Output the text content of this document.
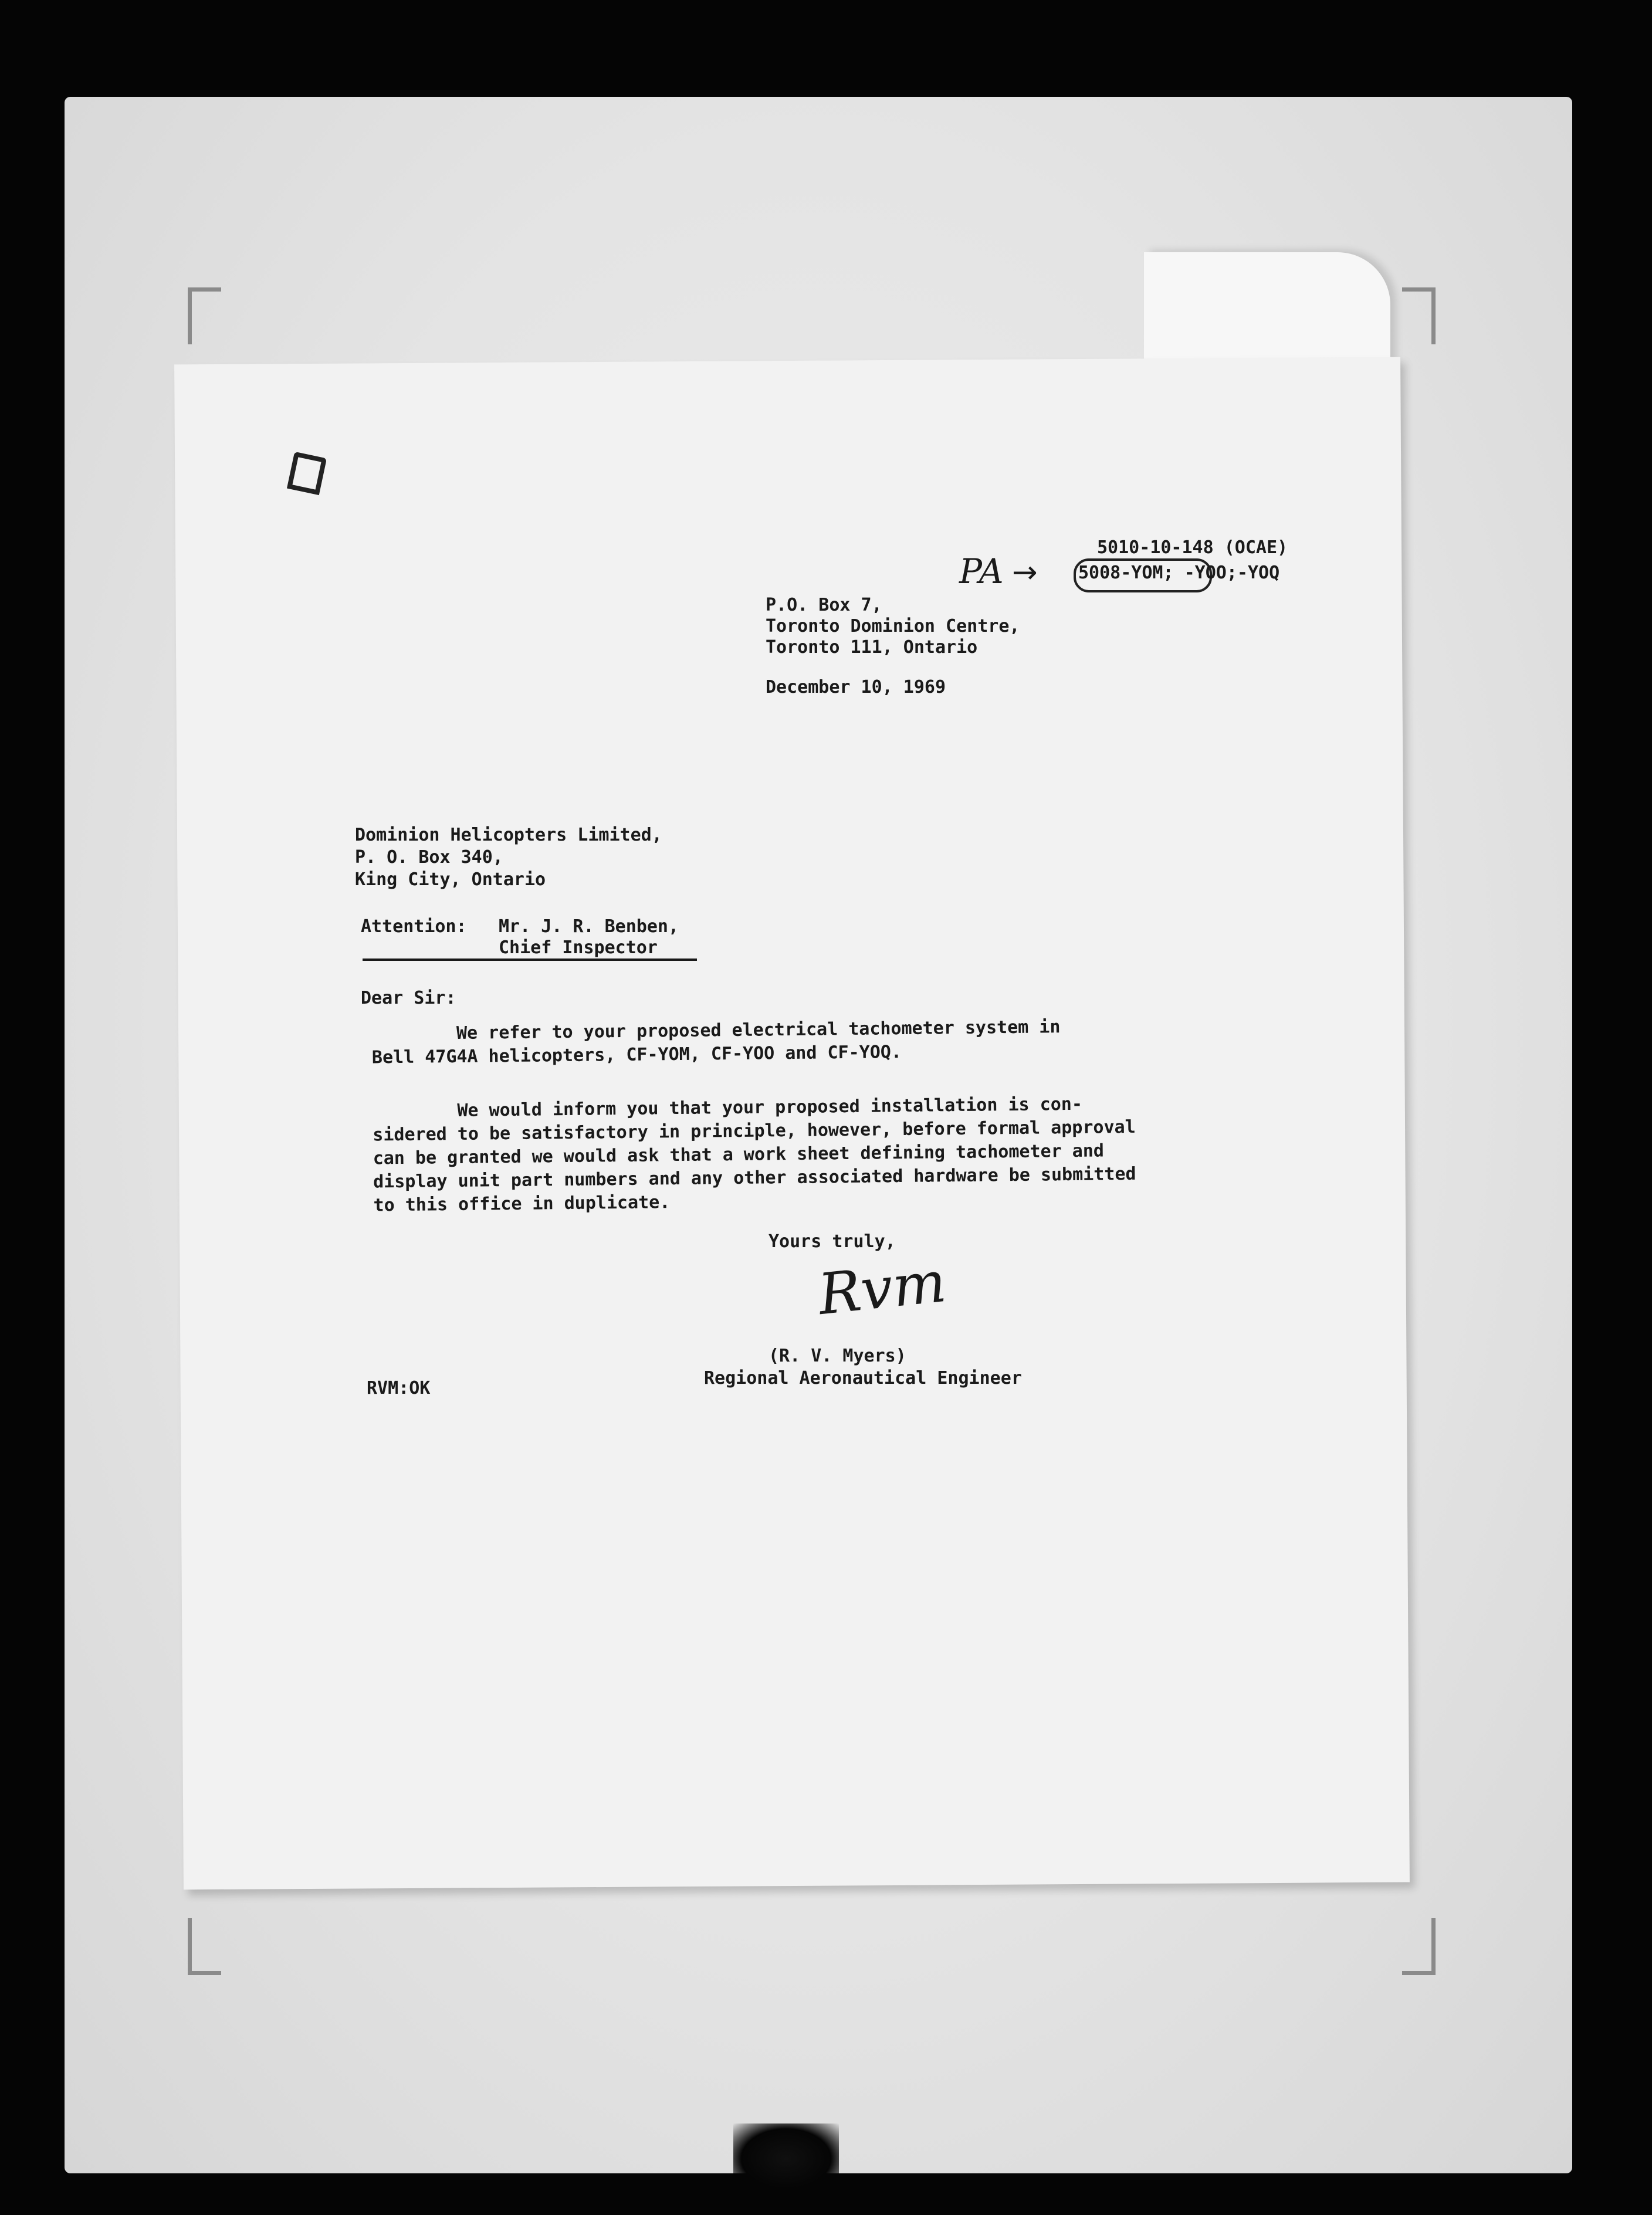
5010-10-148 (OCAE)

5008-YOM; -YOO;-YOQ

PA →

P.O. Box 7,

Toronto Dominion Centre,

Toronto 111, Ontario

December 10, 1969

Dominion Helicopters Limited,

P. O. Box 340,

King City, Ontario

Attention: Mr. J. R. Benben,

Chief Inspector

Dear Sir:

We refer to your proposed electrical tachometer system in

Bell 47G4A helicopters, CF-YOM, CF-YOO and CF-YOQ.

We would inform you that your proposed installation is con-

sidered to be satisfactory in principle, however, before formal approval

can be granted we would ask that a work sheet defining tachometer and

display unit part numbers and any other associated hardware be submitted

to this office in duplicate.

Yours truly,

Rvm

(R. V. Myers)

Regional Aeronautical Engineer

RVM:OK
